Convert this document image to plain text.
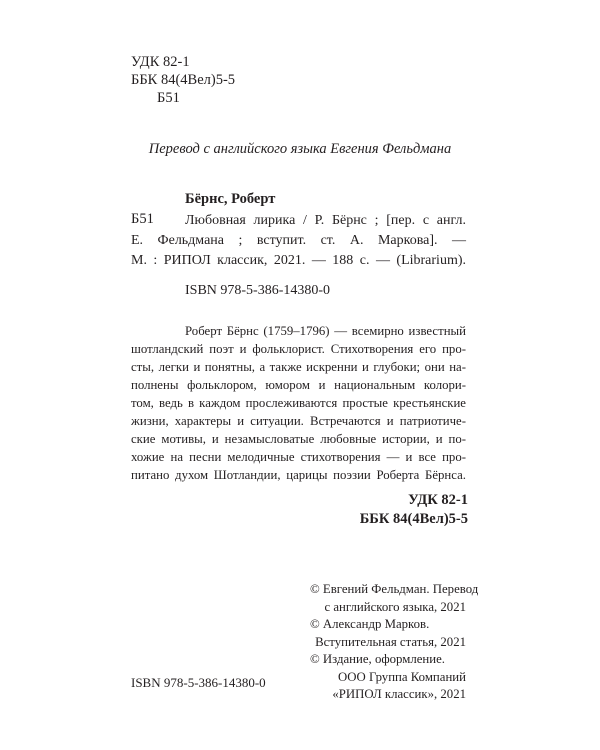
УДК 82-1
ББК 84(4Вел)5-5
Б51
Перевод с английского языка Евгения Фельдмана
Бёрнс, Роберт
Б51 Любовная лирика / Р. Бёрнс ; [пер. с англ.
Е. Фельдмана ; вступит. ст. А. Маркова]. —
М. : РИПОЛ классик, 2021. — 188 с. — (Librarium).
ISBN 978-5-386-14380-0
Роберт Бёрнс (1759–1796) — всемирно известный
шотландский поэт и фольклорист. Стихотворения его про-
сты, легки и понятны, а также искренни и глубоки; они на-
полнены фольклором, юмором и национальным колори-
том, ведь в каждом прослеживаются простые крестьянские
жизни, характеры и ситуации. Встречаются и патриотиче-
ские мотивы, и незамысловатые любовные истории, и по-
хожие на песни мелодичные стихотворения — и все про-
питано духом Шотландии, царицы поэзии Роберта Бёрнса.
УДК 82-1
ББК 84(4Вел)5-5
© Евгений Фельдман. Перевод
с английского языка, 2021
© Александр Марков.
Вступительная статья, 2021
© Издание, оформление.
ООО Группа Компаний
«РИПОЛ классик», 2021
ISBN 978-5-386-14380-0
